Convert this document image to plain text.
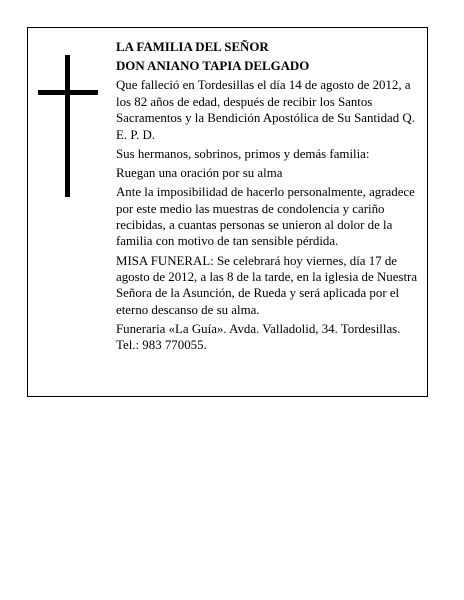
LA FAMILIA DEL SEÑOR

DON ANIANO TAPIA DELGADO

Que falleció en Tordesillas el día 14 de agosto de 2012, a los 82 años de edad, después de recibir los Santos Sacramentos y la Bendición Apostólica de Su Santidad Q. E. P. D.

Sus hermanos, sobrinos, primos y demás familia:

Ruegan una oración por su alma

Ante la imposibilidad de hacerlo personalmente, agradece por este medio las muestras de condolencia y cariño recibidas, a cuantas personas se unieron al dolor de la familia con motivo de tan sensible pérdida.

MISA FUNERAL: Se celebrará hoy viernes, día 17 de agosto de 2012, a las 8 de la tarde, en la iglesia de Nuestra Señora de la Asunción, de Rueda y será aplicada por el eterno descanso de su alma.

Funeraria «La Guía». Avda. Valladolid, 34. Tordesillas. Tel.: 983 770055.
